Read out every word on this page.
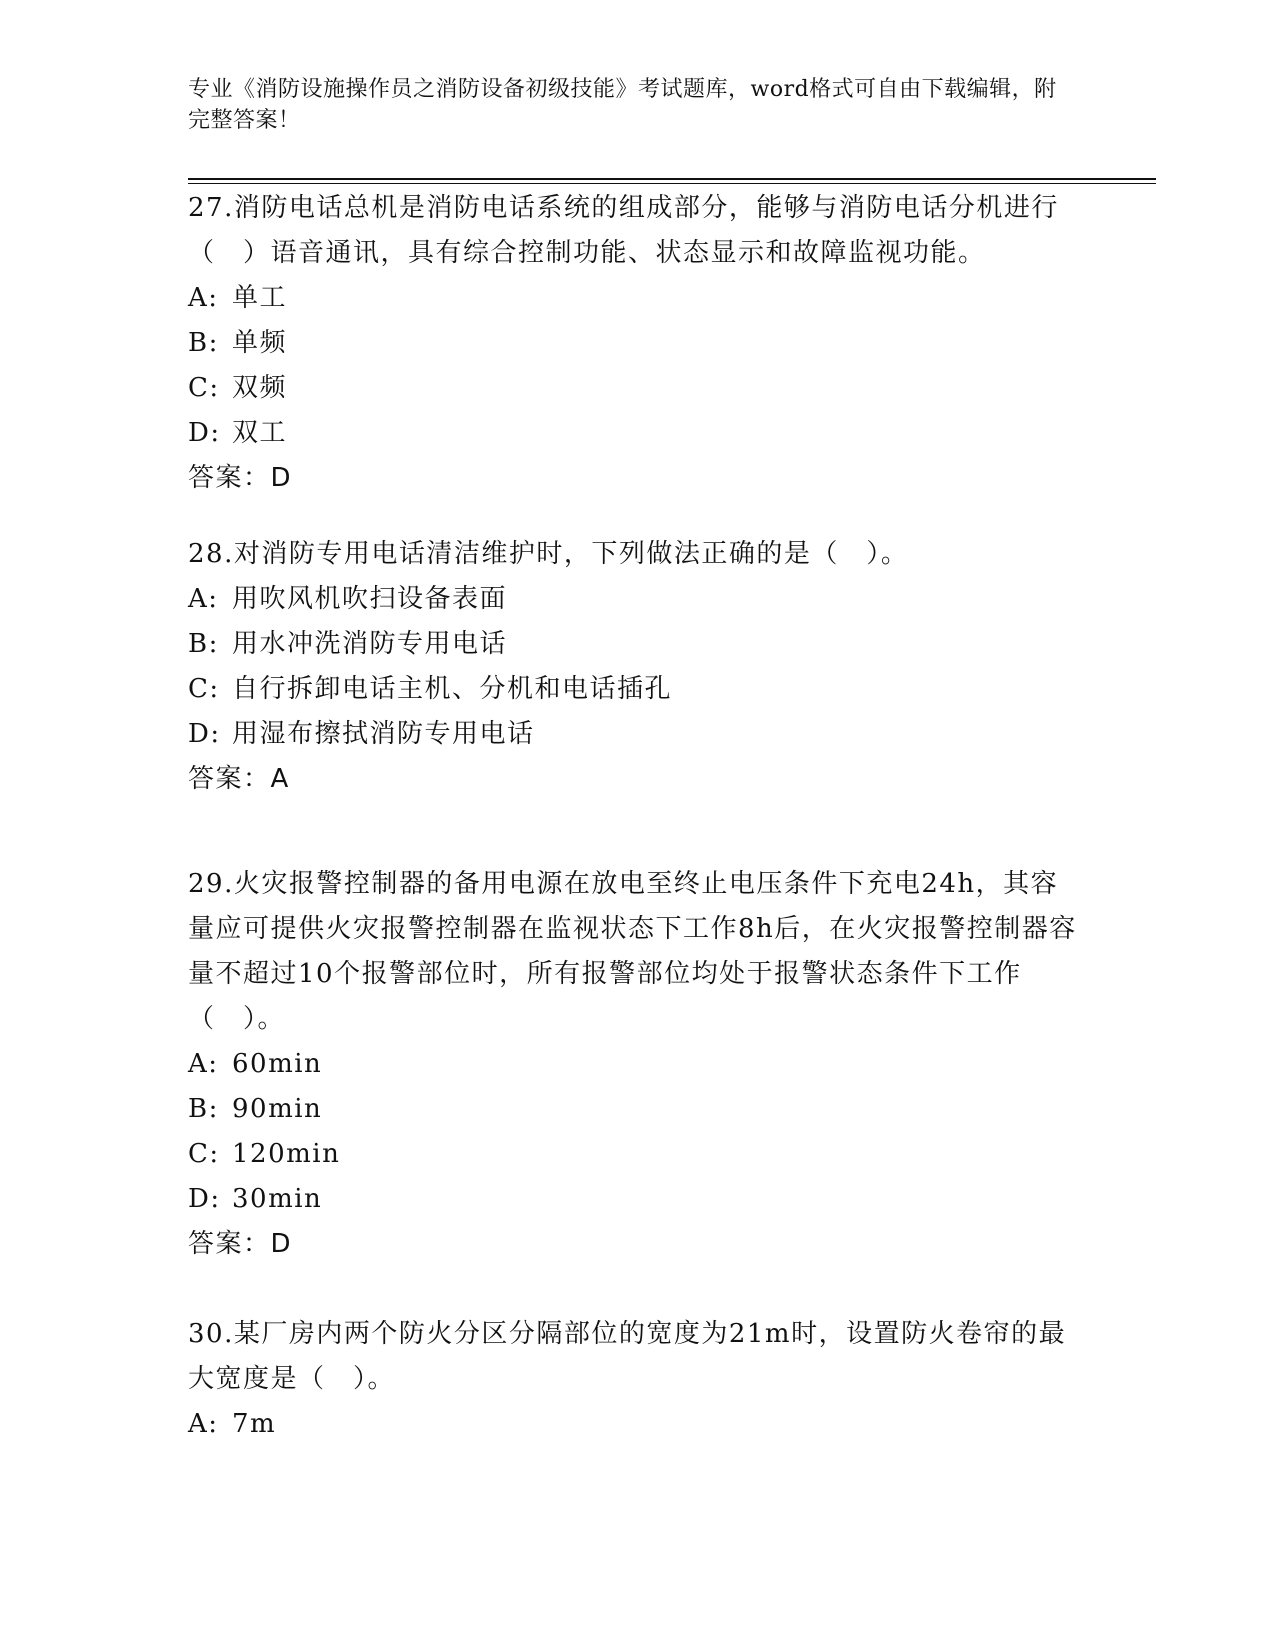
专业《消防设施操作员之消防设备初级技能》考试题库，word格式可自由下载编辑，附完整答案！

27.消防电话总机是消防电话系统的组成部分，能够与消防电话分机进行（　）语音通讯，具有综合控制功能、状态显示和故障监视功能。

A: 单工

B: 单频

C: 双频

D: 双工

答案：D

28.对消防专用电话清洁维护时，下列做法正确的是（　）。

A: 用吹风机吹扫设备表面

B: 用水冲洗消防专用电话

C: 自行拆卸电话主机、分机和电话插孔

D: 用湿布擦拭消防专用电话

答案：A

29.火灾报警控制器的备用电源在放电至终止电压条件下充电24h，其容量应可提供火灾报警控制器在监视状态下工作8h后，在火灾报警控制器容量不超过10个报警部位时，所有报警部位均处于报警状态条件下工作（　）。

A: 60min

B: 90min

C: 120min

D: 30min

答案：D

30.某厂房内两个防火分区分隔部位的宽度为21m时，设置防火卷帘的最大宽度是（　）。

A: 7m
